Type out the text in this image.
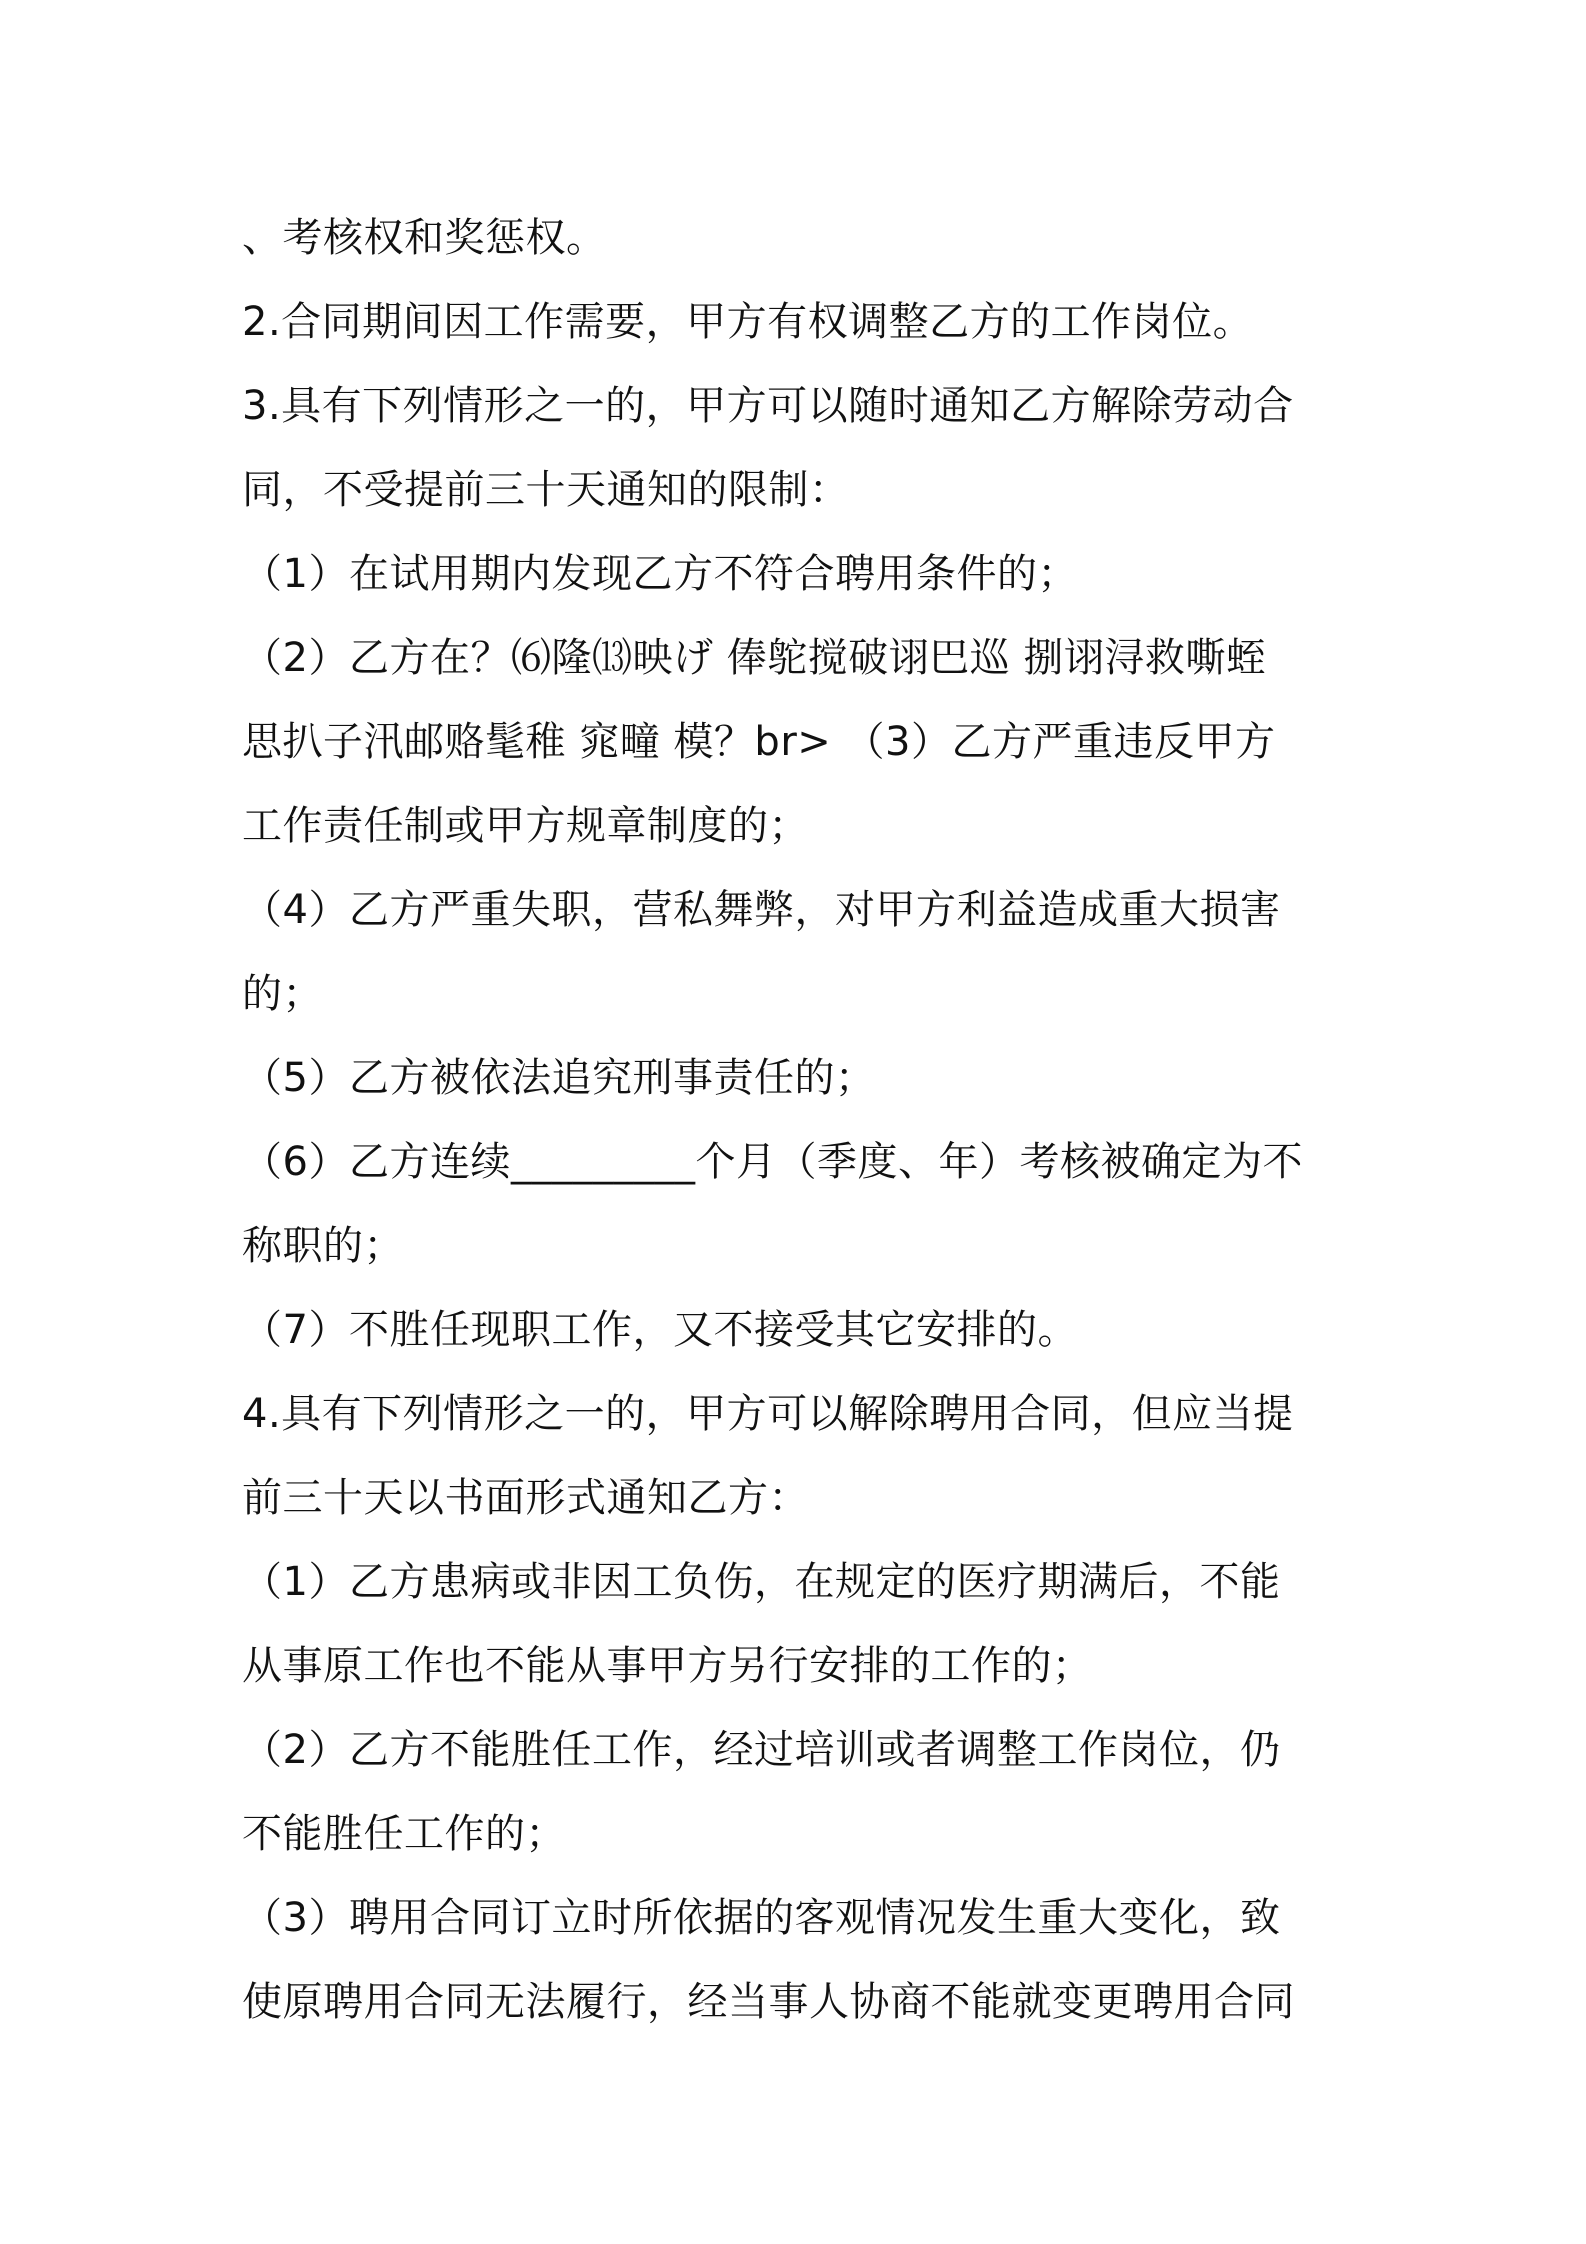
、考核权和奖惩权。
2.合同期间因工作需要，甲方有权调整乙方的工作岗位。
3.具有下列情形之一的，甲方可以随时通知乙方解除劳动合
同，不受提前三十天通知的限制：
（1）在试用期内发现乙方不符合聘用条件的；
（2）乙方在？⑹隆⒀映げ 俸鸵搅破诩巴巡 捌诩浔救嘶蛭
思扒子汛邮赂髦稚 窕疃 模？br> （3）乙方严重违反甲方
工作责任制或甲方规章制度的；
（4）乙方严重失职，营私舞弊，对甲方利益造成重大损害
的；
（5）乙方被依法追究刑事责任的；
（6）乙方连续_________个月（季度、年）考核被确定为不
称职的；
（7）不胜任现职工作，又不接受其它安排的。
4.具有下列情形之一的，甲方可以解除聘用合同，但应当提
前三十天以书面形式通知乙方：
（1）乙方患病或非因工负伤，在规定的医疗期满后，不能
从事原工作也不能从事甲方另行安排的工作的；
（2）乙方不能胜任工作，经过培训或者调整工作岗位，仍
不能胜任工作的；
（3）聘用合同订立时所依据的客观情况发生重大变化，致
使原聘用合同无法履行，经当事人协商不能就变更聘用合同
